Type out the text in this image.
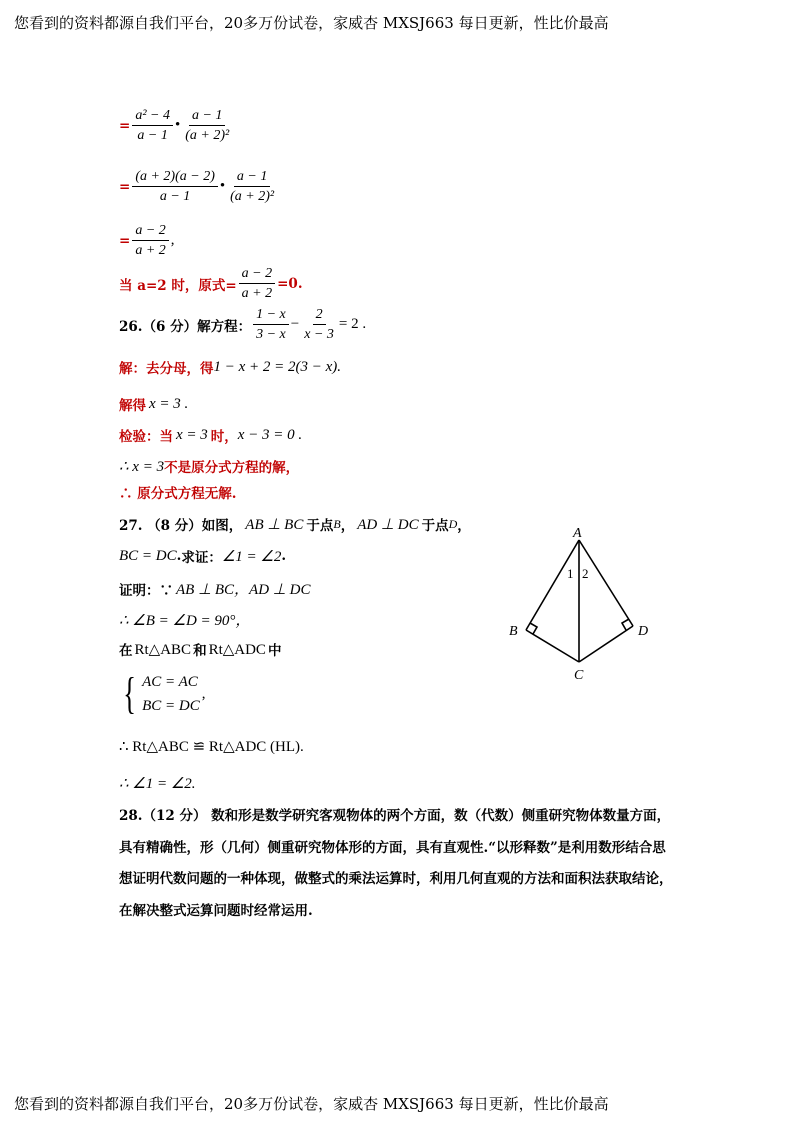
您看到的资料都源自我们平台，20多万份试卷，家威杏 MXSJ663 每日更新，性比价最高
= $\frac{\text{a² − 4}}{a - 1}$ • $\frac{a - 1}{\text{(a + 2)²}}$
= $\frac{(a + 2)(a - 2)}{a - 1}$ • $\frac{a - 1}{\text{(a + 2)²}}$
= $\frac{a - 2}{a + 2}$ ,
当 a=2 时，原式= $\frac{a - 2}{a + 2} =0$.
26.（6 分）解方程： $\frac{1 - x}{3 - x} - \frac{2}{x - 3} = 2$ .
解：去分母，得 1 − x + 2 = 2(3 − x).
解得 x = 3 .
检验：当 x = 3 时， x − 3 = 0 .
∴ x = 3 不是原分式方程的解，
∴ 原分式方程无解.
27. （8 分）如图， AB ⊥ BC 于点 B ， AD ⊥ DC 于点 D ，
BC = DC . 求证： ∠1 = ∠2 .
证明：∵ AB ⊥ BC，AD ⊥ DC
∴ ∠B = ∠D = 90°，
在 Rt△ABC 和 Rt△ADC 中
{ AC = AC
BC = DC
,
∴ Rt△ABC ≌ Rt△ADC (HL).
∴ ∠1 = ∠2.
A
B
C
D
1 2
28.（12 分） 数和形是数学研究客观物体的两个方面，数（代数）侧重研究物体数量方面，具有精确性，形（几何）侧重研究物体形的方面，具有直观性.“以形释数”是利用数形结合思想证明代数问题的一种体现，做整式的乘法运算时，利用几何直观的方法和面积法获取结论，在解决整式运算问题时经常运用.
您看到的资料都源自我们平台，20多万份试卷，家威杏 MXSJ663 每日更新，性比价最高
